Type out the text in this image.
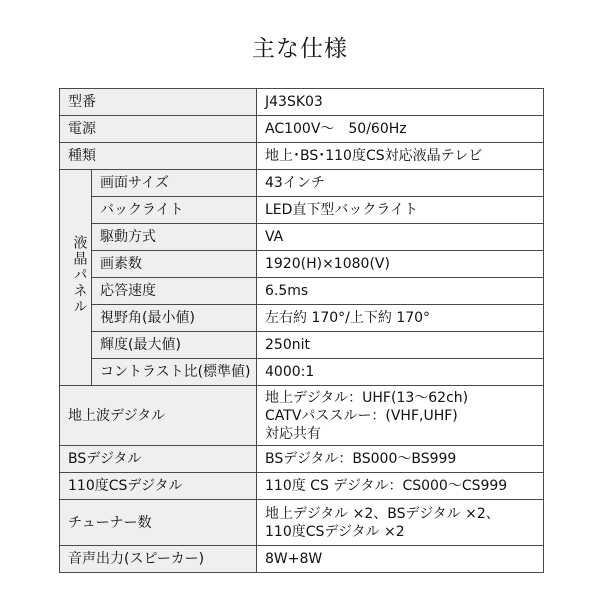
主な仕様
型番		J43SK03
電源		AC100V〜　50/60Hz
種類		地上･BS･110度CS対応液晶テレビ
液晶パネル	画面サイズ	43インチ
	バックライト	LED直下型バックライト
	駆動方式	VA
	画素数	1920(H)×1080(V)
	応答速度	6.5ms
	視野角(最小値)	左右約 170°/上下約 170°
	輝度(最大値)	250nit
	コントラスト比(標準値)	4000:1
地上波デジタル		地上デジタル：UHF(13〜62ch)
CATVパススルー：(VHF,UHF)
対応共有

BSデジタル		BSデジタル：BS000〜BS999
110度CSデジタル		110度 CS デジタル：CS000〜CS999
チューナー数		地上デジタル ×2、BSデジタル ×2、
110度CSデジタル ×2

音声出力(スピーカー)		8W+8W
